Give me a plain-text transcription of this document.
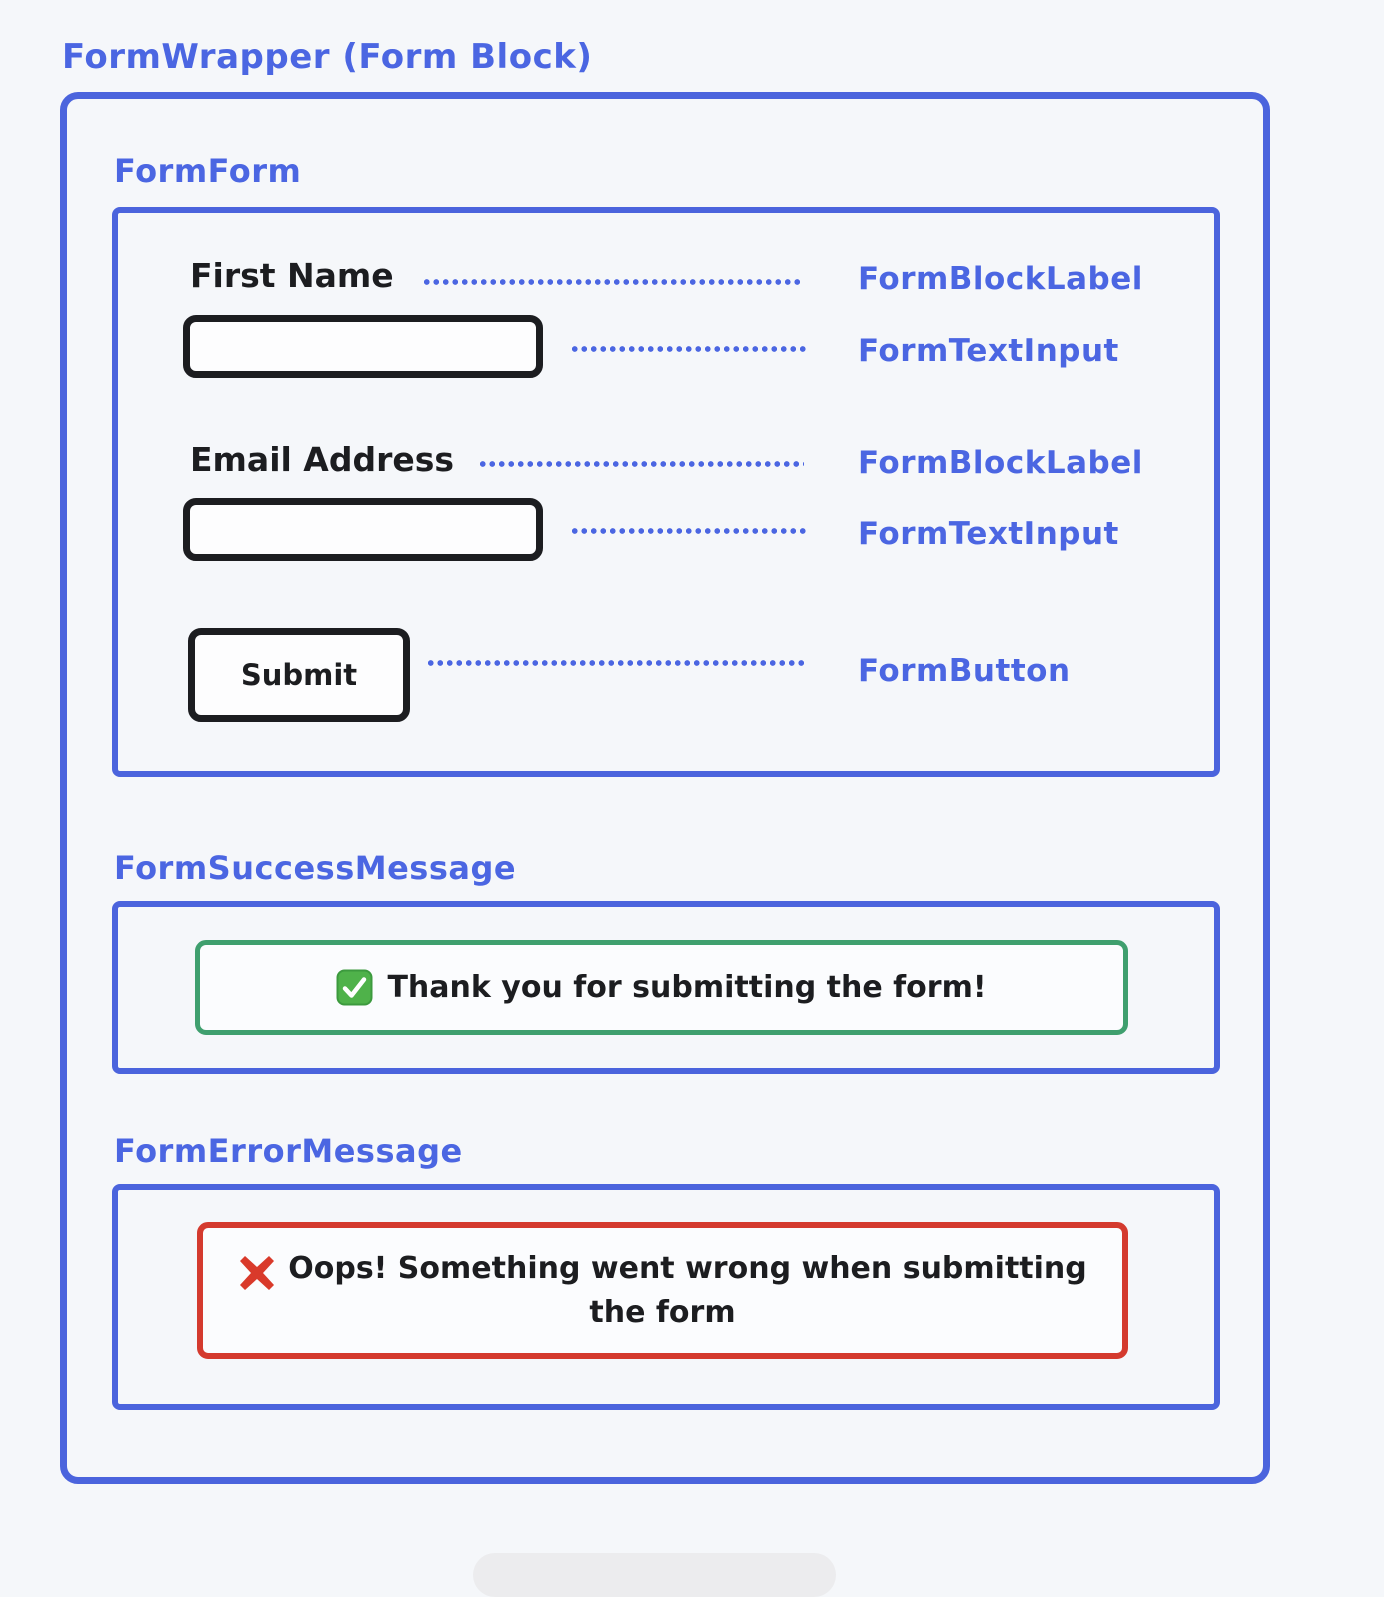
FormWrapper (Form Block)
FormForm
First Name	FormBlockLabel
FormTextInput
Email Address	FormBlockLabel
FormTextInput
Submit	FormButton
FormSuccessMessage
Thank you for submitting the form!
FormErrorMessage
Oops! Something went wrong when submitting the form
